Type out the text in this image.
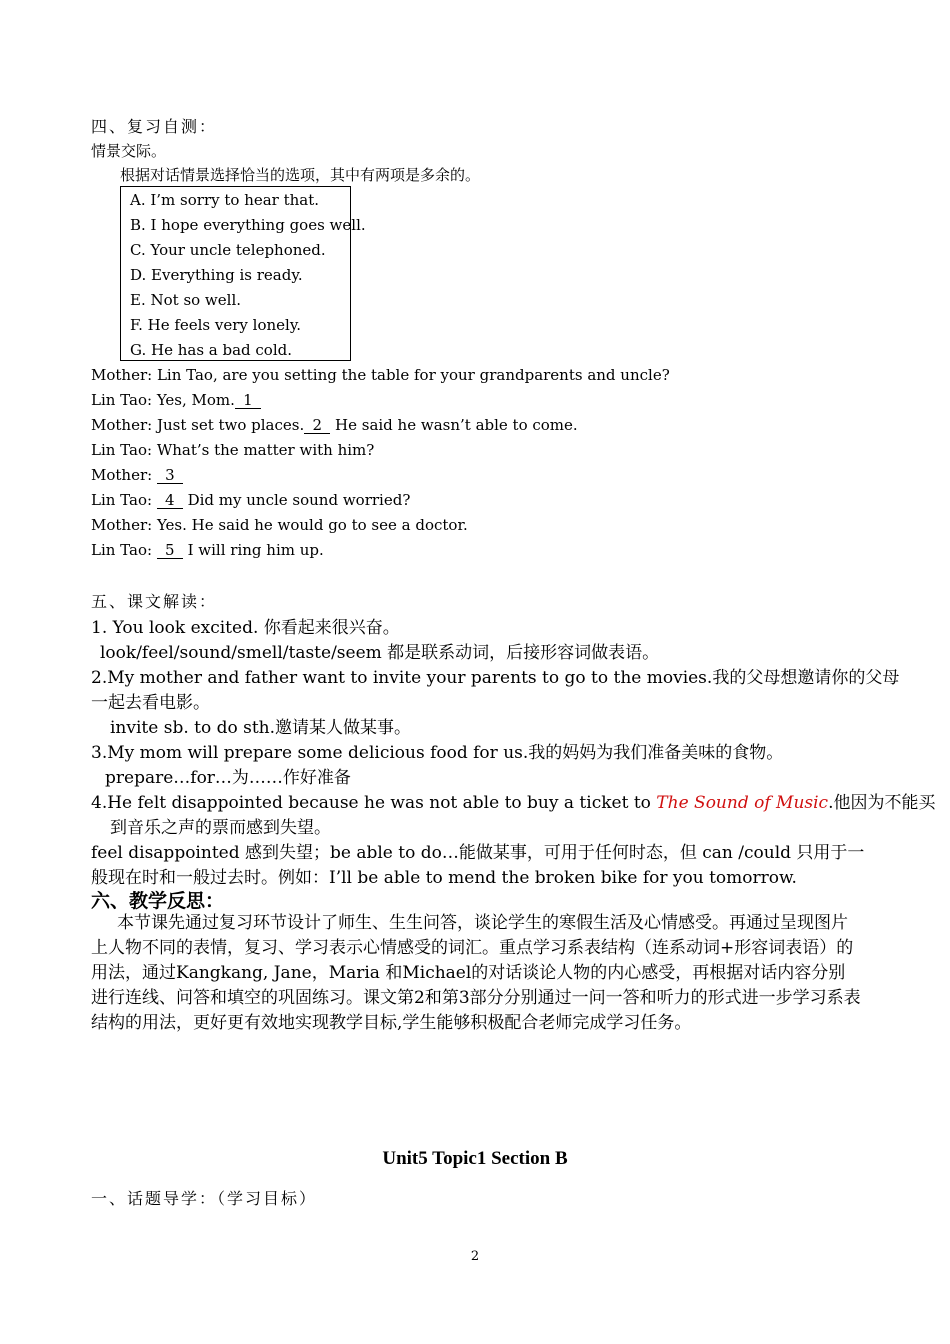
四、复习自测：
情景交际。
根据对话情景选择恰当的选项，其中有两项是多余的。
A. I’m sorry to hear that.
B. I hope everything goes well.
C. Your uncle telephoned.
D. Everything is ready.
E. Not so well.
F. He feels very lonely.
G. He has a bad cold.
Mother: Lin Tao, are you setting the table for your grandparents and uncle?
Lin Tao: Yes, Mom. 1
Mother: Just set two places. 2 He said he wasn’t able to come.
Lin Tao: What’s the matter with him?
Mother: 3
Lin Tao: 4 Did my uncle sound worried?
Mother: Yes. He said he would go to see a doctor.
Lin Tao: 5 I will ring him up.
五、课文解读：
1. You look excited. 你看起来很兴奋。
look/feel/sound/smell/taste/seem 都是联系动词，后接形容词做表语。
2.My mother and father want to invite your parents to go to the movies.我的父母想邀请你的父母
一起去看电影。
invite sb. to do sth.邀请某人做某事。
3.My mom will prepare some delicious food for us.我的妈妈为我们准备美味的食物。
prepare…for…为……作好准备
4.He felt disappointed because he was not able to buy a ticket to The Sound of Music.他因为不能买
到音乐之声的票而感到失望。
feel disappointed 感到失望；be able to do…能做某事，可用于任何时态，但 can /could 只用于一
般现在时和一般过去时。例如：I’ll be able to mend the broken bike for you tomorrow.
六、教学反思：
本节课先通过复习环节设计了师生、生生问答，谈论学生的寒假生活及心情感受。再通过呈现图片上人物不同的表情，复习、学习表示心情感受的词汇。重点学习系表结构（连系动词+形容词表语）的用法，通过Kangkang, Jane，Maria 和Michael的对话谈论人物的内心感受，再根据对话内容分别进行连线、问答和填空的巩固练习。课文第2和第3部分分别通过一问一答和听力的形式进一步学习系表结构的用法，更好更有效地实现教学目标,学生能够积极配合老师完成学习任务。
Unit5 Topic1 Section B
一、话题导学：（学习目标）
2
